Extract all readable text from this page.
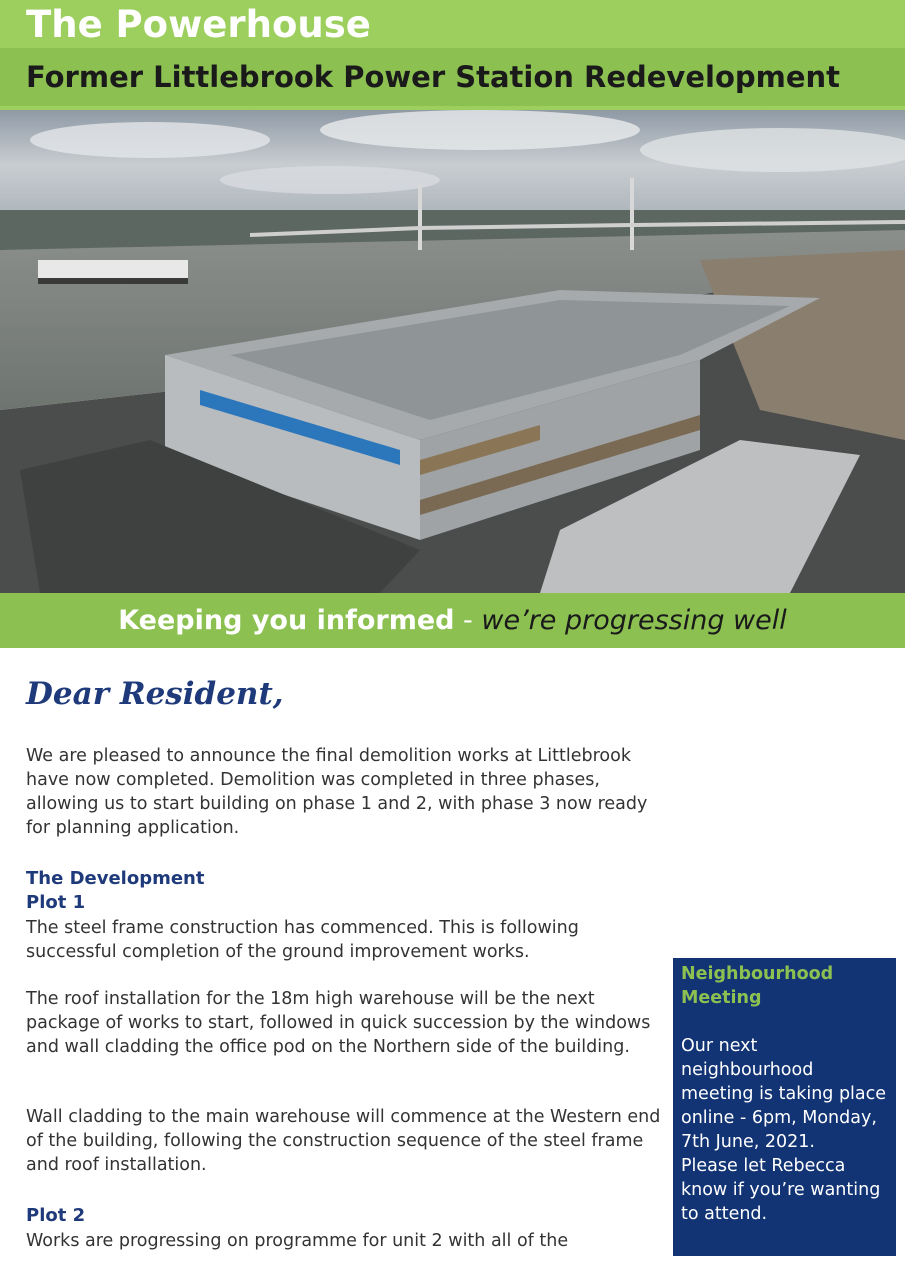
The Powerhouse
Former Littlebrook Power Station Redevelopment
Keeping you informed - we’re progressing well

Dear Resident,

We are pleased to announce the final demolition works at Littlebrook have now completed. Demolition was completed in three phases, allowing us to start building on phase 1 and 2, with phase 3 now ready for planning application.

The Development
Plot 1

The steel frame construction has commenced. This is following successful completion of the ground improvement works.

The roof installation for the 18m high warehouse will be the next package of works to start, followed in quick succession by the windows and wall cladding the office pod on the Northern side of the building.

Wall cladding to the main warehouse will commence at the Western end of the building, following the construction sequence of the steel frame and roof installation.

Plot 2

Works are progressing on programme for unit 2 with all of the

Neighbourhood Meeting

Our next neighbourhood meeting is taking place online - 6pm, Monday, 7th June, 2021.

Please let Rebecca know if you’re wanting to attend.
